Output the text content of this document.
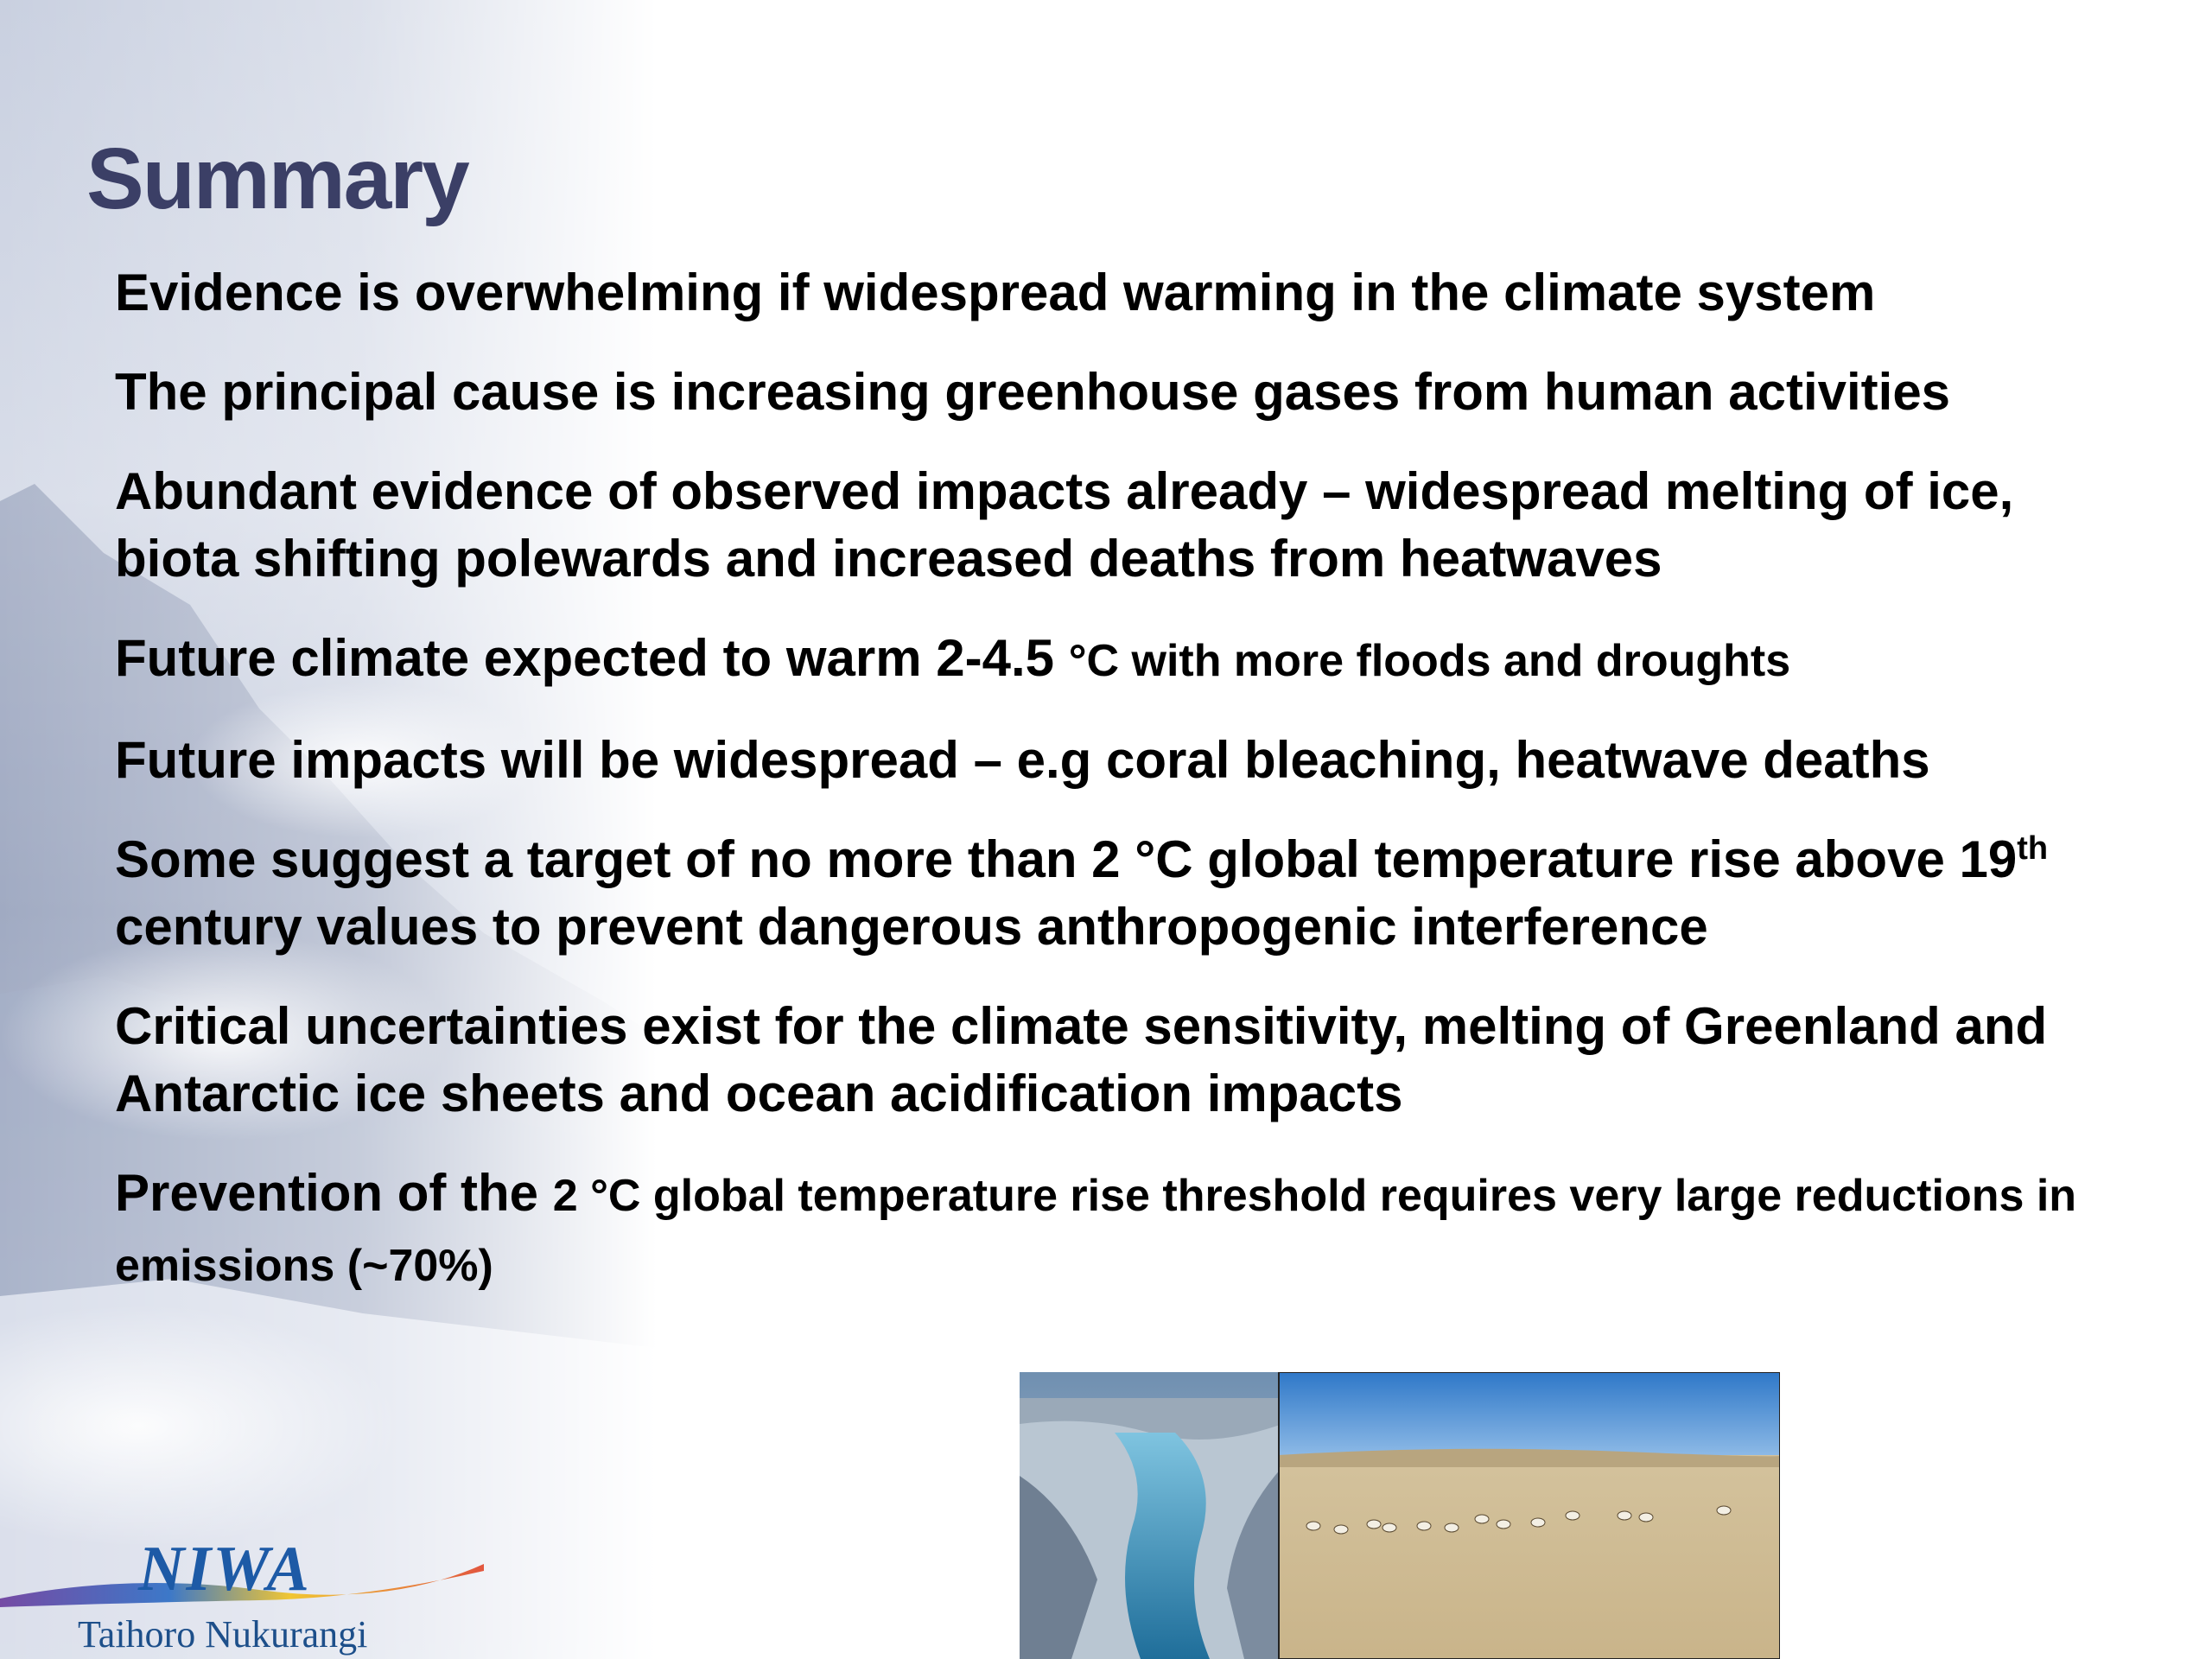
Summary
Evidence is overwhelming if widespread warming in the climate system
The principal cause is increasing greenhouse gases from human activities
Abundant evidence of observed impacts already – widespread melting of ice, biota shifting polewards and increased deaths from heatwaves
Future climate expected to warm 2-4.5 °C with more floods and droughts
Future impacts will be widespread – e.g coral bleaching, heatwave deaths
Some suggest a target of no more than 2 °C global temperature rise above 19th century values to prevent dangerous anthropogenic interference
Critical uncertainties exist for the climate sensitivity, melting of Greenland and Antarctic ice sheets and ocean acidification impacts
Prevention of the 2 °C global temperature rise threshold requires very large reductions in emissions (~70%)
NIWA
Taihoro Nukurangi
